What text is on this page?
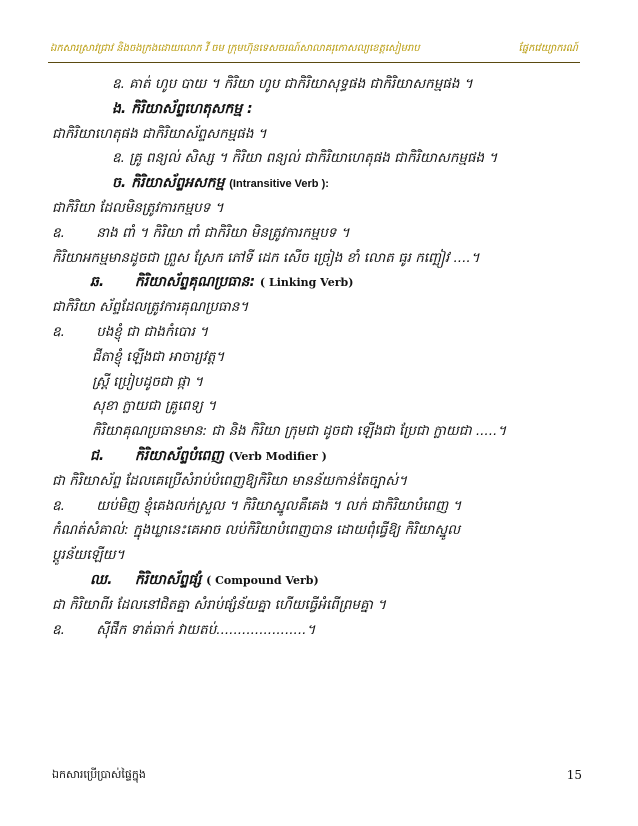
ឯកសារស្រាវជ្រាវ និងចងក្រងដោយលោក វី ចម ក្រុមហ៊ុនទេសចរណ៍សាលាគរុកោសល្យខេត្តសៀមរាប	ផ្នែកវេយ្យាករណ៍
ឧ. គាត់ ហូប បាយ ។ កិរិយា ហូប ជាកិរិយាសុទ្ធផង ជាកិរិយាសកម្មផង ។
ង. កិរិយាស័ព្ទហេតុសកម្ម :
ជាកិរិយាហេតុផង ជាកិរិយាស័ព្ទសកម្មផង ។
ឧ. គ្រូ ពន្យល់ សិស្ស ។ កិរិយា ពន្យល់ ជាកិរិយាហេតុផង ជាកិរិយាសកម្មផង ។
ច. កិរិយាស័ព្ទអសកម្ម (Intransitive Verb ):
ជាកិរិយា ដែលមិនត្រូវការកម្មបទ ។
ឧ. នាង ពាំ ។ កិរិយា ពាំ ជាកិរិយា មិនត្រូវការកម្មបទ ។
កិរិយាអកម្មមានដូចជា ព្រួស ស្រែក ភៅទី ដេក សើច ច្រៀង ខាំ លោត ធូរ កញ្ឆៀវ ....។
ឆ. កិរិយាស័ព្ទគុណប្រធាន: ( Linking Verb)
ជាកិរិយា ស័ព្ទដែលត្រូវការគុណប្រធាន។
ឧ. បងខ្ញុំ ជា ជាងកំបោរ ។
ជីតាខ្ញុំ ឡើងជា អាចារ្យវត្ត។
ស្ត្រី ប្រៀបដូចជា ផ្កា ។
សុខា ក្លាយជា គ្រូពេទ្យ ។
កិរិយាគុណប្រធានមាន: ជា និង កិរិយា ក្រុមជា ដូចជា ឡើងជា ប្រែជា ក្លាយជា .....។
ជ. កិរិយាស័ព្ទបំពេញ (Verb Modifier )
ជា កិរិយាស័ព្ទ ដែលគេប្រើសំរាប់បំពេញឱ្យកិរិយា មានន័យកាន់តែច្បាស់។
ឧ. យប់មិញ ខ្ញុំគេងលក់ស្រួល ។ កិរិយាស្នូលគឺគេង ។ លក់ ជាកិរិយាបំពេញ ។
កំណត់សំគាល់: ក្នុងឃ្លានេះគេអាច លប់កិរិយាបំពេញបាន ដោយពុំធ្វើឱ្យ កិរិយាស្នូល
ប្តូរន័យឡើយ។
ឈ. កិរិយាស័ព្ទផ្សំ ( Compound Verb)
ជា កិរិយាពីរ ដែលនៅជិតគ្នា សំរាប់ផ្សំន័យគ្នា ហើយធ្វើអំពើព្រមគ្នា ។
ឧ. ស៊ីផឹក ទាត់ធាក់ វាយតប់.....................។
ឯកសារប្រើប្រាស់ផ្ទៃក្នុង	15
